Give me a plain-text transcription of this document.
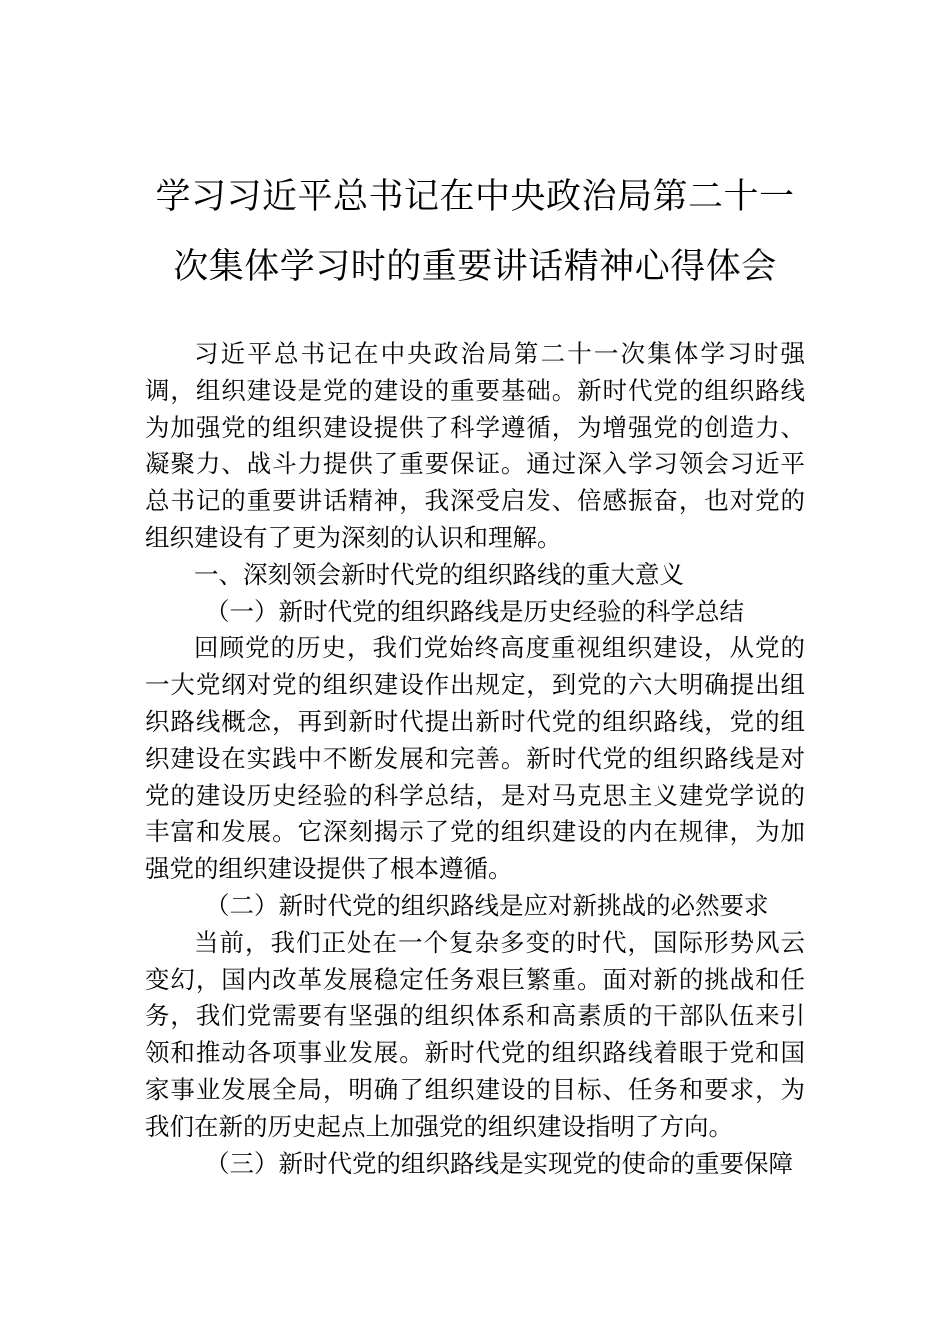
学习习近平总书记在中央政治局第二十一
次集体学习时的重要讲话精神心得体会

习近平总书记在中央政治局第二十一次集体学习时强调，组织建设是党的建设的重要基础。新时代党的组织路线为加强党的组织建设提供了科学遵循，为增强党的创造力、凝聚力、战斗力提供了重要保证。通过深入学习领会习近平总书记的重要讲话精神，我深受启发、倍感振奋，也对党的组织建设有了更为深刻的认识和理解。

一、深刻领会新时代党的组织路线的重大意义

（一）新时代党的组织路线是历史经验的科学总结

回顾党的历史，我们党始终高度重视组织建设，从党的一大党纲对党的组织建设作出规定，到党的六大明确提出组织路线概念，再到新时代提出新时代党的组织路线，党的组织建设在实践中不断发展和完善。新时代党的组织路线是对党的建设历史经验的科学总结，是对马克思主义建党学说的丰富和发展。它深刻揭示了党的组织建设的内在规律，为加强党的组织建设提供了根本遵循。

（二）新时代党的组织路线是应对新挑战的必然要求

当前，我们正处在一个复杂多变的时代，国际形势风云变幻，国内改革发展稳定任务艰巨繁重。面对新的挑战和任务，我们党需要有坚强的组织体系和高素质的干部队伍来引领和推动各项事业发展。新时代党的组织路线着眼于党和国家事业发展全局，明确了组织建设的目标、任务和要求，为我们在新的历史起点上加强党的组织建设指明了方向。

（三）新时代党的组织路线是实现党的使命的重要保障
